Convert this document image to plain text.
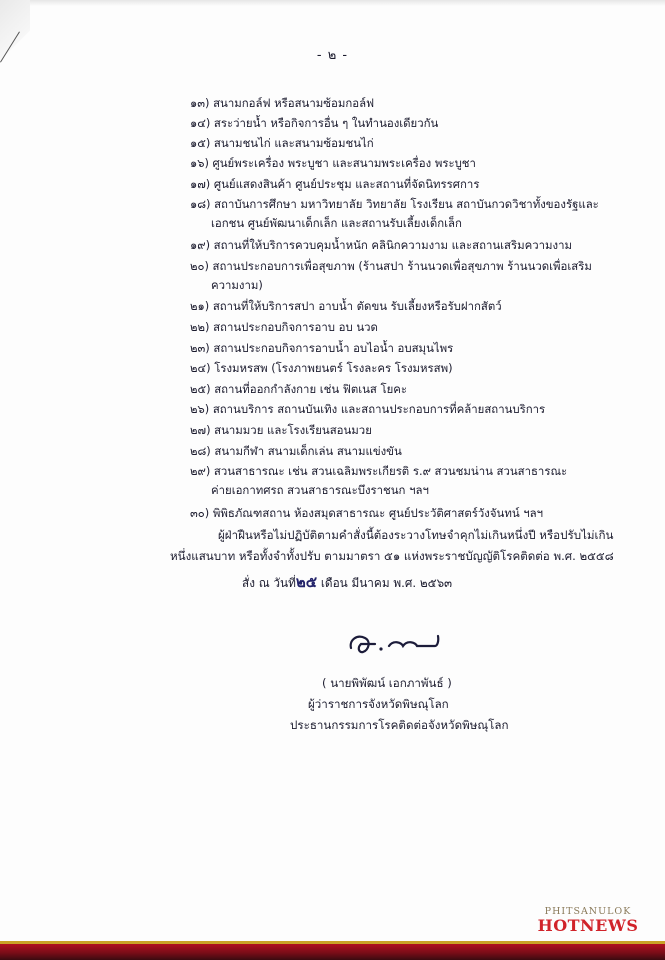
- ๒ -
๑๓) สนามกอล์ฟ หรือสนามซ้อมกอล์ฟ
๑๔) สระว่ายน้ำ หรือกิจการอื่น ๆ ในทำนองเดียวกัน
๑๕) สนามชนไก่ และสนามซ้อมชนไก่
๑๖) ศูนย์พระเครื่อง พระบูชา และสนามพระเครื่อง พระบูชา
๑๗) ศูนย์แสดงสินค้า ศูนย์ประชุม และสถานที่จัดนิทรรศการ
๑๘) สถาบันการศึกษา มหาวิทยาลัย วิทยาลัย โรงเรียน สถาบันกวดวิชาทั้งของรัฐและ
เอกชน ศูนย์พัฒนาเด็กเล็ก และสถานรับเลี้ยงเด็กเล็ก
๑๙) สถานที่ให้บริการควบคุมน้ำหนัก คลินิกความงาม และสถานเสริมความงาม
๒๐) สถานประกอบการเพื่อสุขภาพ (ร้านสปา ร้านนวดเพื่อสุขภาพ ร้านนวดเพื่อเสริม
ความงาม)
๒๑) สถานที่ให้บริการสปา อาบน้ำ ตัดขน รับเลี้ยงหรือรับฝากสัตว์
๒๒) สถานประกอบกิจการอาบ อบ นวด
๒๓) สถานประกอบกิจการอาบน้ำ อบไอน้ำ อบสมุนไพร
๒๔) โรงมหรสพ (โรงภาพยนตร์ โรงละคร โรงมหรสพ)
๒๕) สถานที่ออกกำลังกาย เช่น ฟิตเนส โยคะ
๒๖) สถานบริการ สถานบันเทิง และสถานประกอบการที่คล้ายสถานบริการ
๒๗) สนามมวย และโรงเรียนสอนมวย
๒๘) สนามกีฬา สนามเด็กเล่น สนามแข่งขัน
๒๙) สวนสาธารณะ เช่น สวนเฉลิมพระเกียรติ ร.๙ สวนชมน่าน สวนสาธารณะ
ค่ายเอกาทศรถ สวนสาธารณะบึงราชนก ฯลฯ
๓๐) พิพิธภัณฑสถาน ห้องสมุดสาธารณะ ศูนย์ประวัติศาสตร์วังจันทน์ ฯลฯ
ผู้ฝ่าฝืนหรือไม่ปฏิบัติตามคำสั่งนี้ต้องระวางโทษจำคุกไม่เกินหนึ่งปี หรือปรับไม่เกิน
หนึ่งแสนบาท หรือทั้งจำทั้งปรับ ตามมาตรา ๕๑ แห่งพระราชบัญญัติโรคติดต่อ พ.ศ. ๒๕๕๘
สั่ง ณ วันที่๒๕ เดือน มีนาคม พ.ศ. ๒๕๖๓
( นายพิพัฒน์ เอกภาพันธ์ )
ผู้ว่าราชการจังหวัดพิษณุโลก
ประธานกรรมการโรคติดต่อจังหวัดพิษณุโลก
PHITSANULOK
HOTNEWS
